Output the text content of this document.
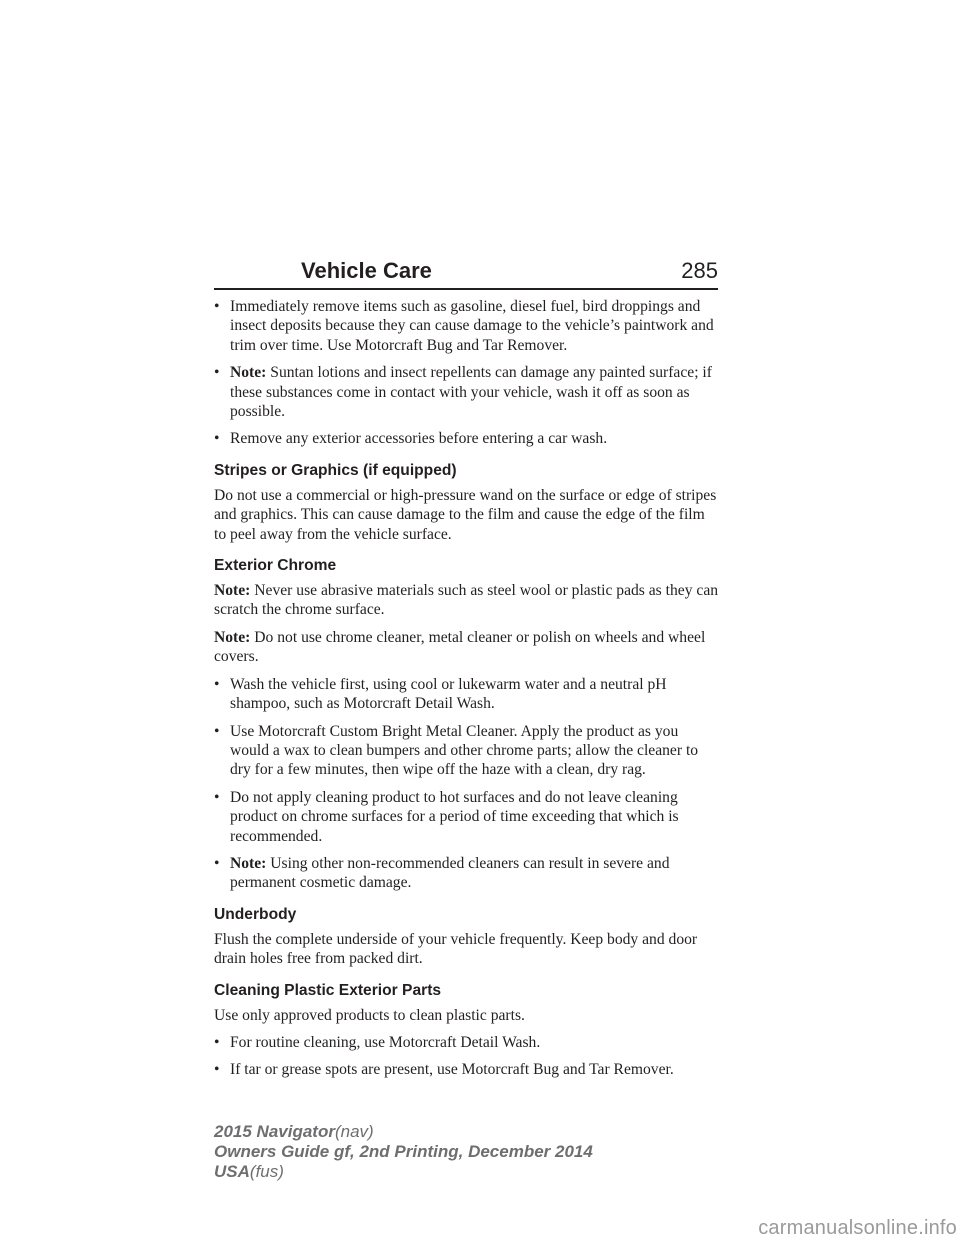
Vehicle Care	285
• Immediately remove items such as gasoline, diesel fuel, bird droppings and insect deposits because they can cause damage to the vehicle’s paintwork and trim over time. Use Motorcraft Bug and Tar Remover.
• Note: Suntan lotions and insect repellents can damage any painted surface; if these substances come in contact with your vehicle, wash it off as soon as possible.
• Remove any exterior accessories before entering a car wash.
Stripes or Graphics (if equipped)

Do not use a commercial or high-pressure wand on the surface or edge of stripes and graphics. This can cause damage to the film and cause the edge of the film to peel away from the vehicle surface.

Exterior Chrome

Note: Never use abrasive materials such as steel wool or plastic pads as they can scratch the chrome surface.

Note: Do not use chrome cleaner, metal cleaner or polish on wheels and wheel covers.

• Wash the vehicle first, using cool or lukewarm water and a neutral pH shampoo, such as Motorcraft Detail Wash.
• Use Motorcraft Custom Bright Metal Cleaner. Apply the product as you would a wax to clean bumpers and other chrome parts; allow the cleaner to dry for a few minutes, then wipe off the haze with a clean, dry rag.
• Do not apply cleaning product to hot surfaces and do not leave cleaning product on chrome surfaces for a period of time exceeding that which is recommended.
• Note: Using other non-recommended cleaners can result in severe and permanent cosmetic damage.
Underbody

Flush the complete underside of your vehicle frequently. Keep body and door drain holes free from packed dirt.

Cleaning Plastic Exterior Parts

Use only approved products to clean plastic parts.

• For routine cleaning, use Motorcraft Detail Wash.
• If tar or grease spots are present, use Motorcraft Bug and Tar Remover.
2015 Navigator(nav)
Owners Guide gf, 2nd Printing, December 2014
USA(fus)
carmanualsonline.info
